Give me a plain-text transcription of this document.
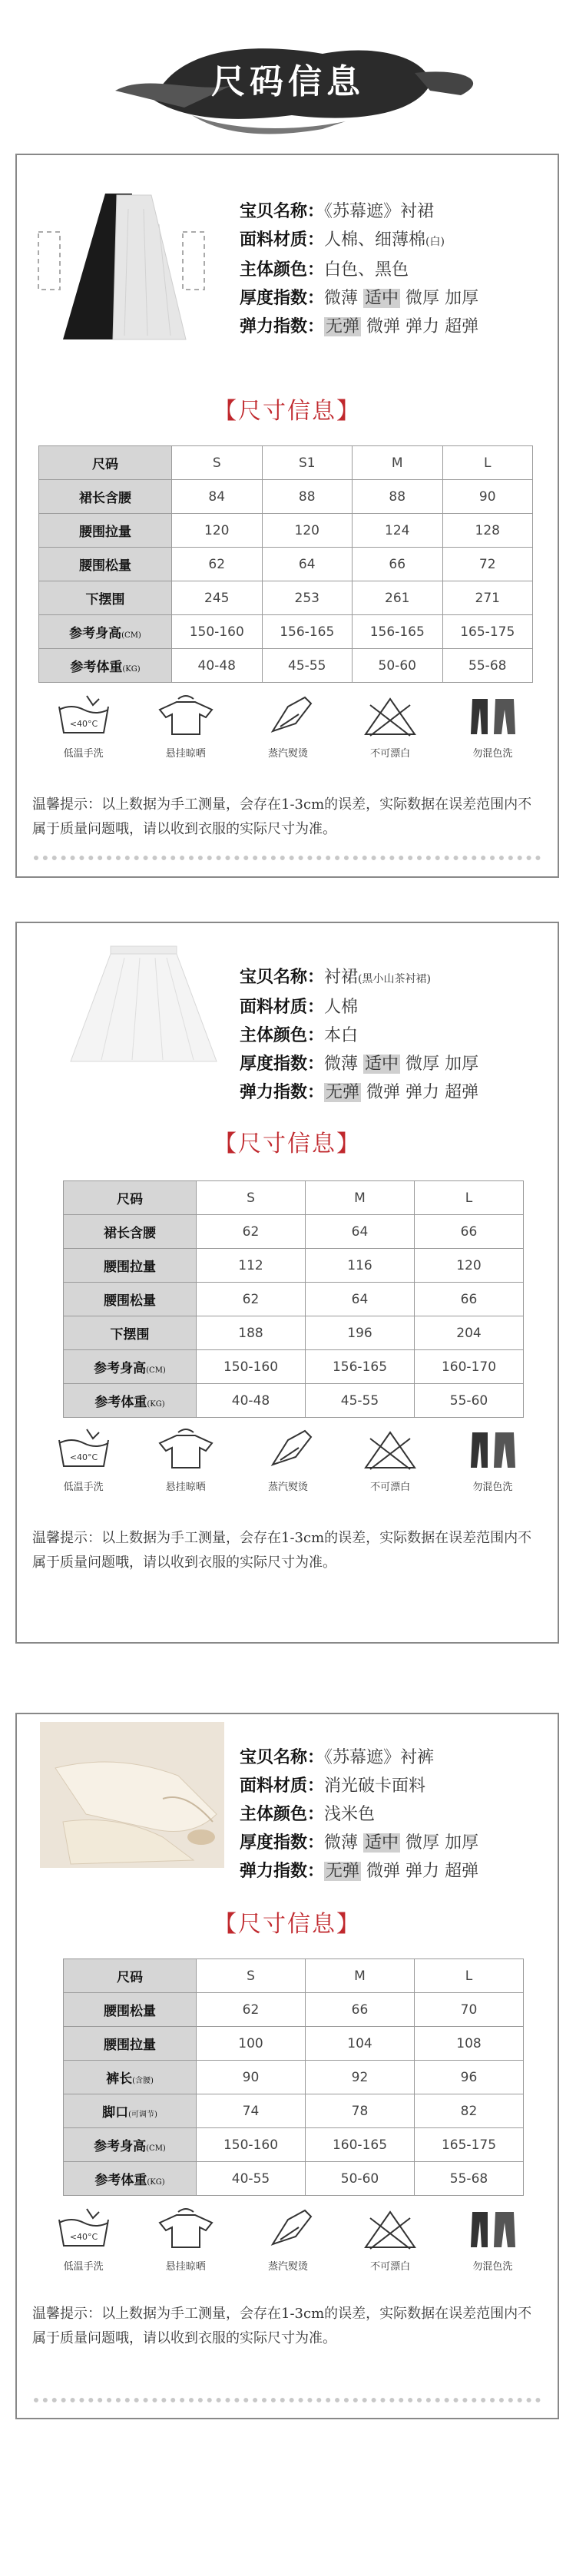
尺码信息
宝贝名称：《苏幕遮》衬裙
面料材质：人棉、细薄棉(白)
主体颜色：白色、黑色
厚度指数：微薄 适中 微厚 加厚
弹力指数：无弹 微弹 弹力 超弹
【尺寸信息】
尺码	S	S1	M	L
裙长含腰	84	88	88	90
腰围拉量	120	120	124	128
腰围松量	62	64	66	72
下摆围	245	253	261	271
参考身高(CM)	150-160	156-165	156-165	165-175
参考体重(KG)	40-48	45-55	50-60	55-68
<40°C
低温手洗	悬挂晾晒	蒸汽熨烫	不可漂白	勿混色洗
温馨提示：以上数据为手工测量，会存在1-3cm的误差，实际数据在误差范围内不属于质量问题哦，请以收到衣服的实际尺寸为准。
宝贝名称：衬裙(黑小山茶衬裙)
面料材质：人棉
主体颜色：本白
厚度指数：微薄 适中 微厚 加厚
弹力指数：无弹 微弹 弹力 超弹
【尺寸信息】
尺码	S	M	L
裙长含腰	62	64	66
腰围拉量	112	116	120
腰围松量	62	64	66
下摆围	188	196	204
参考身高(CM)	150-160	156-165	160-170
参考体重(KG)	40-48	45-55	55-60
<40°C
低温手洗	悬挂晾晒	蒸汽熨烫	不可漂白	勿混色洗
温馨提示：以上数据为手工测量，会存在1-3cm的误差，实际数据在误差范围内不属于质量问题哦，请以收到衣服的实际尺寸为准。
宝贝名称：《苏幕遮》衬裤
面料材质：消光破卡面料
主体颜色：浅米色
厚度指数：微薄 适中 微厚 加厚
弹力指数：无弹 微弹 弹力 超弹
【尺寸信息】
尺码	S	M	L
腰围松量	62	66	70
腰围拉量	100	104	108
裤长(含腰)	90	92	96
脚口(可调节)	74	78	82
参考身高(CM)	150-160	160-165	165-175
参考体重(KG)	40-55	50-60	55-68
<40°C
低温手洗	悬挂晾晒	蒸汽熨烫	不可漂白	勿混色洗
温馨提示：以上数据为手工测量，会存在1-3cm的误差，实际数据在误差范围内不属于质量问题哦，请以收到衣服的实际尺寸为准。
